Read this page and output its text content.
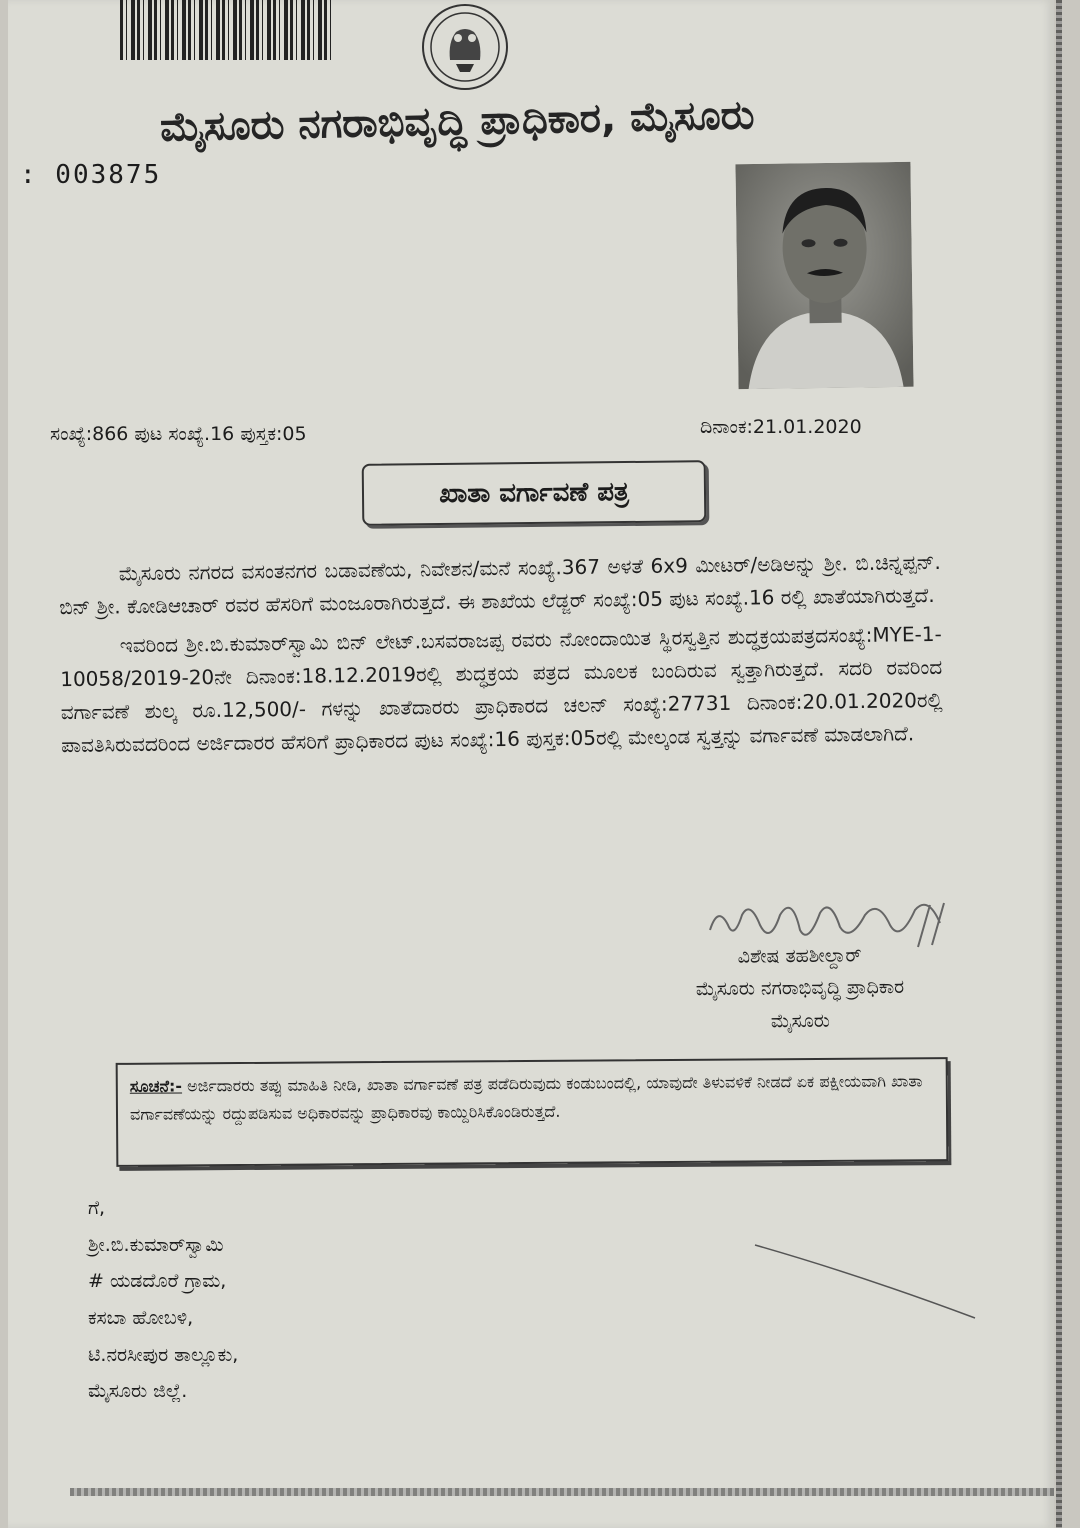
ಮೈಸೂರು ನಗರಾಭಿವೃದ್ಧಿ ಪ್ರಾಧಿಕಾರ, ಮೈಸೂರು
: 003875
ಸಂಖ್ಯೆ:866 ಪುಟ ಸಂಖ್ಯೆ.16 ಪುಸ್ತಕ:05	ದಿನಾಂಕ:21.01.2020
ಖಾತಾ ವರ್ಗಾವಣೆ ಪತ್ರ

ಮೈಸೂರು ನಗರದ ವಸಂತನಗರ ಬಡಾವಣೆಯ, ನಿವೇಶನ/ಮನೆ ಸಂಖ್ಯೆ.367 ಅಳತೆ 6x9 ಮೀಟರ್/ಅಡಿಅನ್ನು ಶ್ರೀ. ಬಿ.ಚಿನ್ನಪ್ಪನ್. ಬಿನ್ ಶ್ರೀ. ಕೋಡಿಆಚಾರ್ ರವರ ಹೆಸರಿಗೆ ಮಂಜೂರಾಗಿರುತ್ತದೆ. ಈ ಶಾಖೆಯ ಲೆಡ್ಜರ್ ಸಂಖ್ಯೆ:05 ಪುಟ ಸಂಖ್ಯೆ.16 ರಲ್ಲಿ ಖಾತೆಯಾಗಿರುತ್ತದೆ.

ಇವರಿಂದ ಶ್ರೀ.ಬಿ.ಕುಮಾರ್‌ಸ್ವಾಮಿ ಬಿನ್ ಲೇಟ್.ಬಸವರಾಜಪ್ಪ ರವರು ನೋಂದಾಯಿತ ಸ್ಥಿರಸ್ವತ್ತಿನ ಶುದ್ಧಕ್ರಯಪತ್ರದಸಂಖ್ಯೆ:MYE-1-10058/2019-20ನೇ ದಿನಾಂಕ:18.12.2019ರಲ್ಲಿ ಶುದ್ಧಕ್ರಯ ಪತ್ರದ ಮೂಲಕ ಬಂದಿರುವ ಸ್ವತ್ತಾಗಿರುತ್ತದೆ. ಸದರಿ ರವರಿಂದ ವರ್ಗಾವಣೆ ಶುಲ್ಕ ರೂ.12,500/- ಗಳನ್ನು ಖಾತೆದಾರರು ಪ್ರಾಧಿಕಾರದ ಚಲನ್ ಸಂಖ್ಯೆ:27731 ದಿನಾಂಕ:20.01.2020ರಲ್ಲಿ ಪಾವತಿಸಿರುವದರಿಂದ ಅರ್ಜಿದಾರರ ಹೆಸರಿಗೆ ಪ್ರಾಧಿಕಾರದ ಪುಟ ಸಂಖ್ಯೆ:16 ಪುಸ್ತಕ:05ರಲ್ಲಿ ಮೇಲ್ಕಂಡ ಸ್ವತ್ತನ್ನು ವರ್ಗಾವಣೆ ಮಾಡಲಾಗಿದೆ.

ವಿಶೇಷ ತಹಶೀಲ್ದಾರ್
ಮೈಸೂರು ನಗರಾಭಿವೃದ್ಧಿ ಪ್ರಾಧಿಕಾರ
ಮೈಸೂರು
ಸೂಚನೆ:- ಅರ್ಜಿದಾರರು ತಪ್ಪು ಮಾಹಿತಿ ನೀಡಿ, ಖಾತಾ ವರ್ಗಾವಣೆ ಪತ್ರ ಪಡೆದಿರುವುದು ಕಂಡುಬಂದಲ್ಲಿ, ಯಾವುದೇ ತಿಳುವಳಿಕೆ ನೀಡದೆ ಏಕ ಪಕ್ಷೀಯವಾಗಿ ಖಾತಾ ವರ್ಗಾವಣೆಯನ್ನು ರದ್ದುಪಡಿಸುವ ಅಧಿಕಾರವನ್ನು ಪ್ರಾಧಿಕಾರವು ಕಾಯ್ದಿರಿಸಿಕೊಂಡಿರುತ್ತದೆ.
ಗೆ,
ಶ್ರೀ.ಬಿ.ಕುಮಾರ್‌ಸ್ವಾಮಿ
# ಯಡದೊರೆ ಗ್ರಾಮ,
ಕಸಬಾ ಹೋಬಳಿ,
ಟಿ.ನರಸೀಪುರ ತಾಲ್ಲೂಕು,
ಮೈಸೂರು ಜಿಲ್ಲೆ.
